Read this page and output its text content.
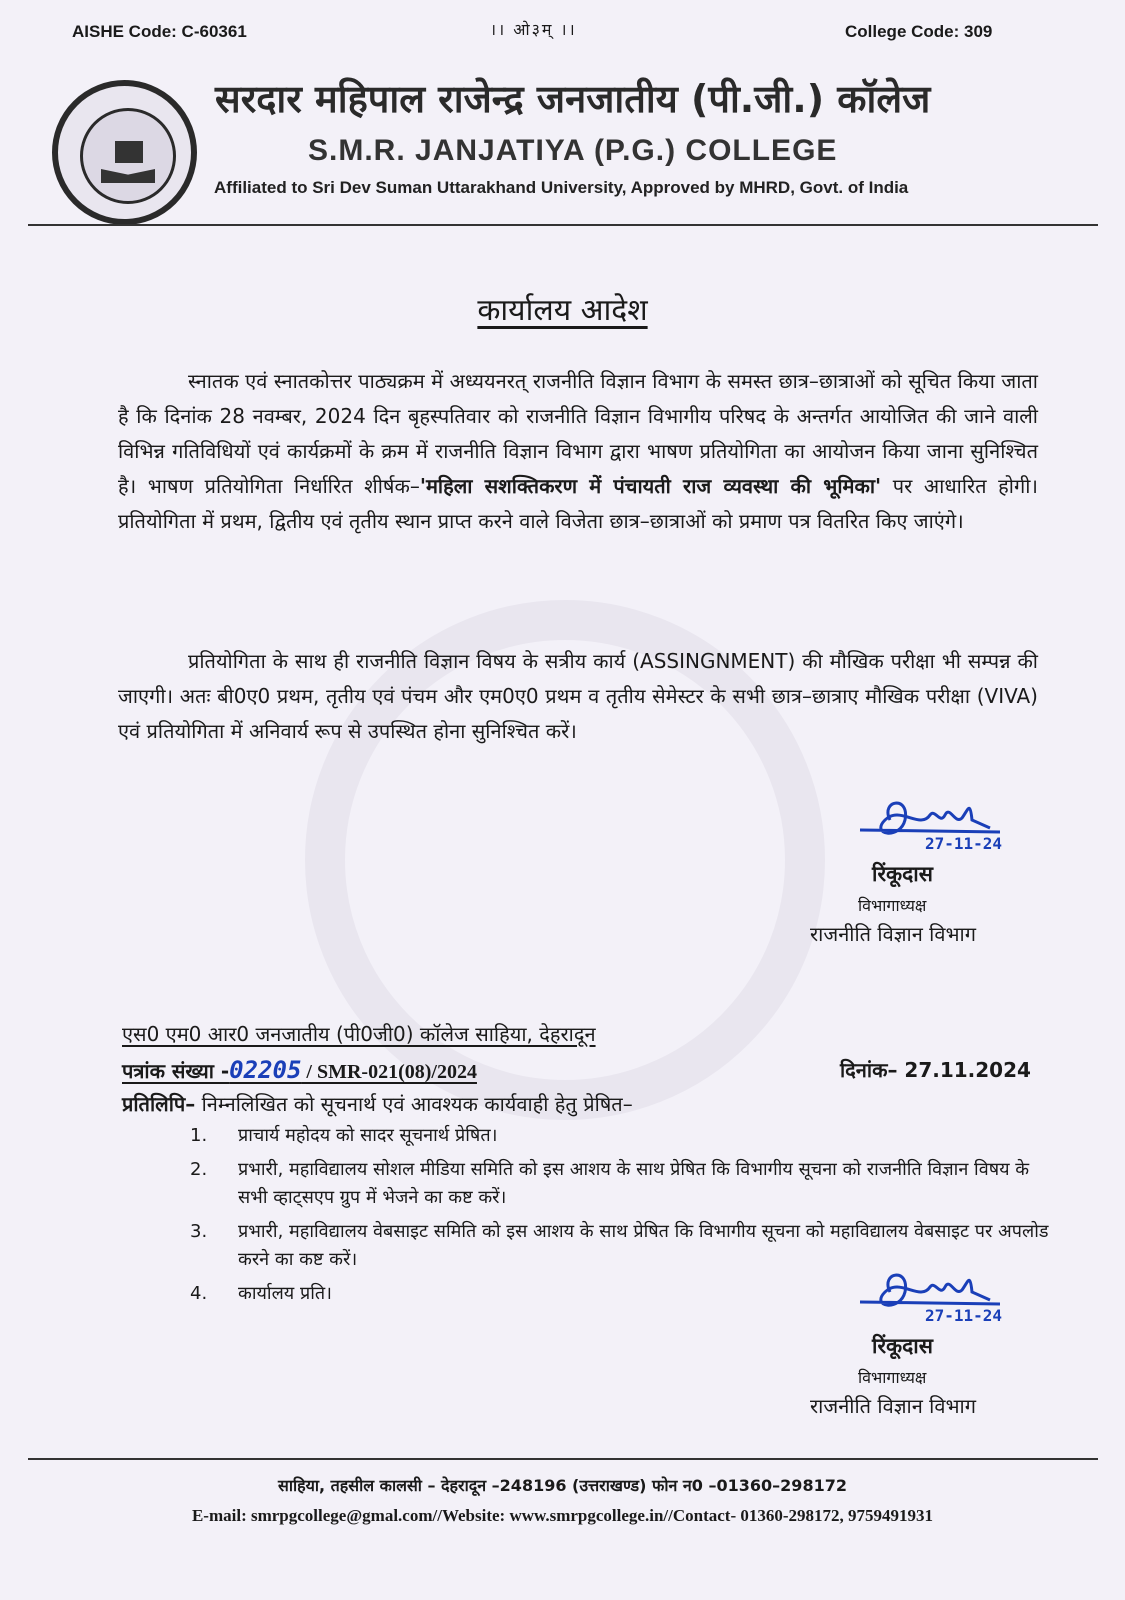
AISHE Code: C-60361	।। ओ३म् ।।	College Code: 309
सरदार महिपाल राजेन्द्र जनजातीय (पी.जी.) कॉलेज
S.M.R. JANJATIYA (P.G.) COLLEGE
Affiliated to Sri Dev Suman Uttarakhand University, Approved by MHRD, Govt. of India
कार्यालय आदेश

स्नातक एवं स्नातकोत्तर पाठ्यक्रम में अध्ययनरत् राजनीति विज्ञान विभाग के समस्त छात्र–छात्राओं को सूचित किया जाता है कि दिनांक 28 नवम्बर, 2024 दिन बृहस्पतिवार को राजनीति विज्ञान विभागीय परिषद के अन्तर्गत आयोजित की जाने वाली विभिन्न गतिविधियों एवं कार्यक्रमों के क्रम में राजनीति विज्ञान विभाग द्वारा भाषण प्रतियोगिता का आयोजन किया जाना सुनिश्चित है। भाषण प्रतियोगिता निर्धारित शीर्षक–'महिला सशक्तिकरण में पंचायती राज व्यवस्था की भूमिका' पर आधारित होगी। प्रतियोगिता में प्रथम, द्वितीय एवं तृतीय स्थान प्राप्त करने वाले विजेता छात्र–छात्राओं को प्रमाण पत्र वितरित किए जाएंगे।

प्रतियोगिता के साथ ही राजनीति विज्ञान विषय के सत्रीय कार्य (ASSINGNMENT) की मौखिक परीक्षा भी सम्पन्न की जाएगी। अतः बी0ए0 प्रथम, तृतीय एवं पंचम और एम0ए0 प्रथम व तृतीय सेमेस्टर के सभी छात्र–छात्राए मौखिक परीक्षा (VIVA) एवं प्रतियोगिता में अनिवार्य रूप से उपस्थित होना सुनिश्चित करें।

27-11-24
रिंकूदास
विभागाध्यक्ष
राजनीति विज्ञान विभाग
एस0 एम0 आर0 जनजातीय (पी0जी0) कॉलेज साहिया, देहरादून
पत्रांक संख्या -02205 / SMR-021(08)/2024	दिनांक– 27.11.2024
प्रतिलिपि– निम्नलिखित को सूचनार्थ एवं आवश्यक कार्यवाही हेतु प्रेषित–
1.	प्राचार्य महोदय को सादर सूचनार्थ प्रेषित।
2.	प्रभारी, महाविद्यालय सोशल मीडिया समिति को इस आशय के साथ प्रेषित कि विभागीय सूचना को राजनीति विज्ञान विषय के सभी व्हाट्सएप ग्रुप में भेजने का कष्ट करें।
3.	प्रभारी, महाविद्यालय वेबसाइट समिति को इस आशय के साथ प्रेषित कि विभागीय सूचना को महाविद्यालय वेबसाइट पर अपलोड करने का कष्ट करें।
4.	कार्यालय प्रति।
27-11-24
रिंकूदास
विभागाध्यक्ष
राजनीति विज्ञान विभाग
साहिया, तहसील कालसी – देहरादून –248196 (उत्तराखण्ड) फोन न0 –01360–298172
E-mail: smrpgcollege@gmal.com//Website: www.smrpgcollege.in//Contact- 01360-298172, 9759491931
